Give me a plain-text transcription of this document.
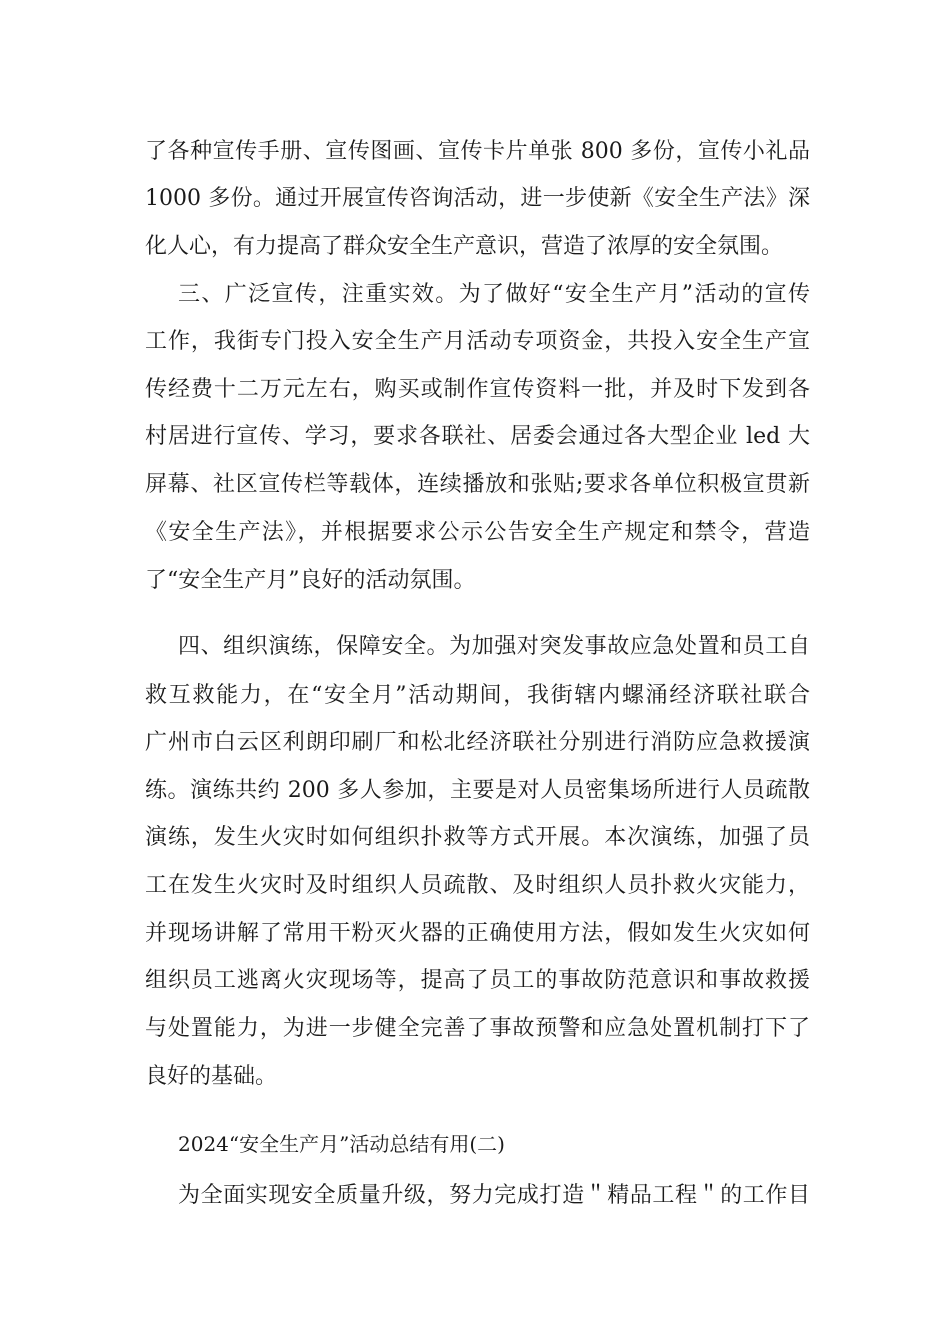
了各种宣传手册、宣传图画、宣传卡片单张 800 多份，宣传小礼品
1000 多份。通过开展宣传咨询活动，进一步使新《安全生产法》深
化人心，有力提高了群众安全生产意识，营造了浓厚的安全氛围。
三、广泛宣传，注重实效。为了做好“安全生产月”活动的宣传
工作，我街专门投入安全生产月活动专项资金，共投入安全生产宣
传经费十二万元左右，购买或制作宣传资料一批，并及时下发到各
村居进行宣传、学习，要求各联社、居委会通过各大型企业 led 大
屏幕、社区宣传栏等载体，连续播放和张贴;要求各单位积极宣贯新
《安全生产法》，并根据要求公示公告安全生产规定和禁令，营造
了“安全生产月”良好的活动氛围。
四、组织演练，保障安全。为加强对突发事故应急处置和员工自
救互救能力，在“安全月”活动期间，我街辖内螺涌经济联社联合
广州市白云区利朗印刷厂和松北经济联社分别进行消防应急救援演
练。演练共约 200 多人参加，主要是对人员密集场所进行人员疏散
演练，发生火灾时如何组织扑救等方式开展。本次演练，加强了员
工在发生火灾时及时组织人员疏散、及时组织人员扑救火灾能力，
并现场讲解了常用干粉灭火器的正确使用方法，假如发生火灾如何
组织员工逃离火灾现场等，提高了员工的事故防范意识和事故救援
与处置能力，为进一步健全完善了事故预警和应急处置机制打下了
良好的基础。
2024“安全生产月”活动总结有用(二)
为全面实现安全质量升级，努力完成打造＂精品工程＂的工作目
